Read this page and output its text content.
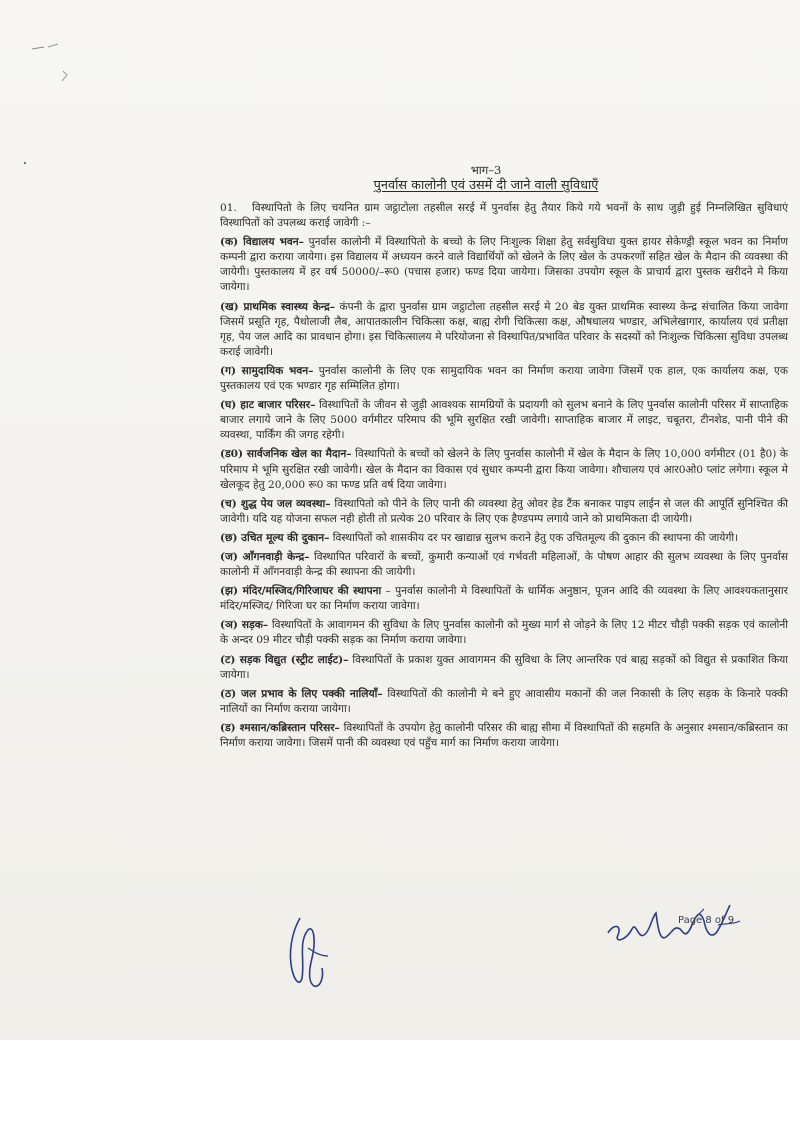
भाग–3
पुनर्वास कालोनी एवं उसमें दी जाने वाली सुविधाएँ
01. विस्थापितो के लिए चयनित ग्राम जट्ठाटोला तहसील सरई में पुनर्वास हेतु तैयार किये गये भवनों के साथ जुड़ी हुई निम्नलिखित सुविधाएं विस्थापितों को उपलब्ध कराई जावेगी :–
(क) विद्यालय भवन– पुनर्वास कालोनी में विस्थापितो के बच्चो के लिए निःशुल्क शिक्षा हेतु सर्वसुविधा युक्त हायर सेकेण्ड्री स्कूल भवन का निर्माण कम्पनी द्वारा कराया जायेगा। इस विद्यालय में अध्ययन करने वाले विद्यार्थियों को खेलने के लिए खेल के उपकरणों सहित खेल के मैदान की व्यवस्था की जायेगी। पुस्तकालय में हर वर्ष 50000/–रू0 (पचास हजार) फण्ड दिया जायेगा। जिसका उपयोग स्कूल के प्राचार्य द्वारा पुस्तक खरीदने मे किया जायेगा।
(ख) प्राथमिक स्वास्थ्य केन्द्र– कंपनी के द्वारा पुनर्वास ग्राम जट्ठाटोला तहसील सरई मे 20 बेड युक्त प्राथमिक स्वास्थ्य केन्द्र संचालित किया जावेगा जिसमें प्रसूति गृह, पैथोलाजी लैब, आपातकालीन चिकित्सा कक्ष, बाह्य रोगी चिकित्सा कक्ष, औषधालय भण्डार, अभिलेखागार, कार्यालय एवं प्रतीक्षा गृह, पेय जल आदि का प्रावधान होगा। इस चिकित्सालय मे परियोजना से विस्थापित/प्रभावित परिवार के सदस्यों को निःशुल्क चिकित्सा सुविधा उपलब्ध कराई जावेगी।
(ग) सामुदायिक भवन– पुनर्वास कालोनी के लिए एक सामुदायिक भवन का निर्माण कराया जावेगा जिसमें एक हाल, एक कार्यालय कक्ष, एक पुस्तकालय एवं एक भण्डार गृह सम्मिलित होगा।
(घ) हाट बाजार परिसर– विस्थापितों के जीवन से जुड़ी आवश्यक सामग्रियों के प्रदायगी को सुलभ बनाने के लिए पुनर्वास कालोनी परिसर में साप्ताहिक बाजार लगाये जाने के लिए 5000 वर्गमीटर परिमाप की भूमि सुरक्षित रखी जावेगी। साप्ताहिक बाजार में लाइट, चबूतरा, टीनशेड, पानी पीने की व्यवस्था, पार्किंग की जगह रहेगी।
(ड0) सार्वजनिक खेल का मैदान– विस्थापितो के बच्चों को खेलने के लिए पुनर्वास कालोनी में खेल के मैदान के लिए 10,000 वर्गमीटर (01 है0) के परिमाप मे भूमि सुरक्षित रखी जावेगी। खेल के मैदान का विकास एवं सुधार कम्पनी द्वारा किया जावेगा। शौचालय एवं आर0ओ0 प्लांट लगेगा। स्कूल मे खेलकूद हेतु 20,000 रू0 का फण्ड प्रति वर्ष दिया जावेगा।
(च) शुद्ध पेय जल व्यवस्था– विस्थापितो को पीने के लिए पानी की व्यवस्था हेतु ओवर हेड टैंक बनाकर पाइप लाईन से जल की आपूर्ति सुनिश्चित की जावेगी। यदि यह योजना सफल नही होती तो प्रत्येक 20 परिवार के लिए एक हैण्डपम्प लगाये जाने को प्राथमिकता दी जायेगी।
(छ) उचित मूल्य की दुकान– विस्थापितों को शासकीय दर पर खाद्यान्न सुलभ कराने हेतु एक उचितमूल्य की दुकान की स्थापना की जायेगी।
(ज) आँगनवाड़ी केन्द्र– विस्थापित परिवारों के बच्चों, कुमारी कन्याओं एवं गर्भवती महिलाओं, के पोषण आहार की सुलभ व्यवस्था के लिए पुनर्वास कालोनी में आँगनवाड़ी केन्द्र की स्थापना की जायेगी।
(झ) मंदिर/मस्जिद/गिरिजाघर की स्थापना – पुनर्वास कालोनी मे विस्थापितों के धार्मिक अनुष्ठान, पूजन आदि की व्यवस्था के लिए आवश्यकतानुसार मंदिर/मस्जिद/ गिरिजा घर का निर्माण कराया जावेगा।
(ञ) सड़क– विस्थापितों के आवागमन की सुविधा के लिए पुनर्वास कालोनी को मुख्य मार्ग से जोड़ने के लिए 12 मीटर चौड़ी पक्की सड़क एवं कालोनी के अन्दर 09 मीटर चौड़ी पक्की सड़क का निर्माण कराया जावेगा।
(ट) सड़क विद्युत (स्ट्रीट लाईट)– विस्थापितों के प्रकाश युक्त आवागमन की सुविधा के लिए आन्तरिक एवं बाह्य सड़कों को विद्युत से प्रकाशित किया जायेगा।
(ठ) जल प्रभाव के लिए पक्की नालियाँ– विस्थापितों की कालोनी मे बने हुए आवासीय मकानों की जल निकासी के लिए सड़क के किनारे पक्की नालियों का निर्माण कराया जायेगा।
(ड) श्मसान/कब्रिस्तान परिसर– विस्थापितों के उपयोग हेतु कालोनी परिसर की बाह्य सीमा में विस्थापितों की सहमति के अनुसार श्मसान/कब्रिस्तान का निर्माण कराया जावेगा। जिसमें पानी की व्यवस्था एवं पहुँच मार्ग का निर्माण कराया जायेगा।
Page 8 of 9
